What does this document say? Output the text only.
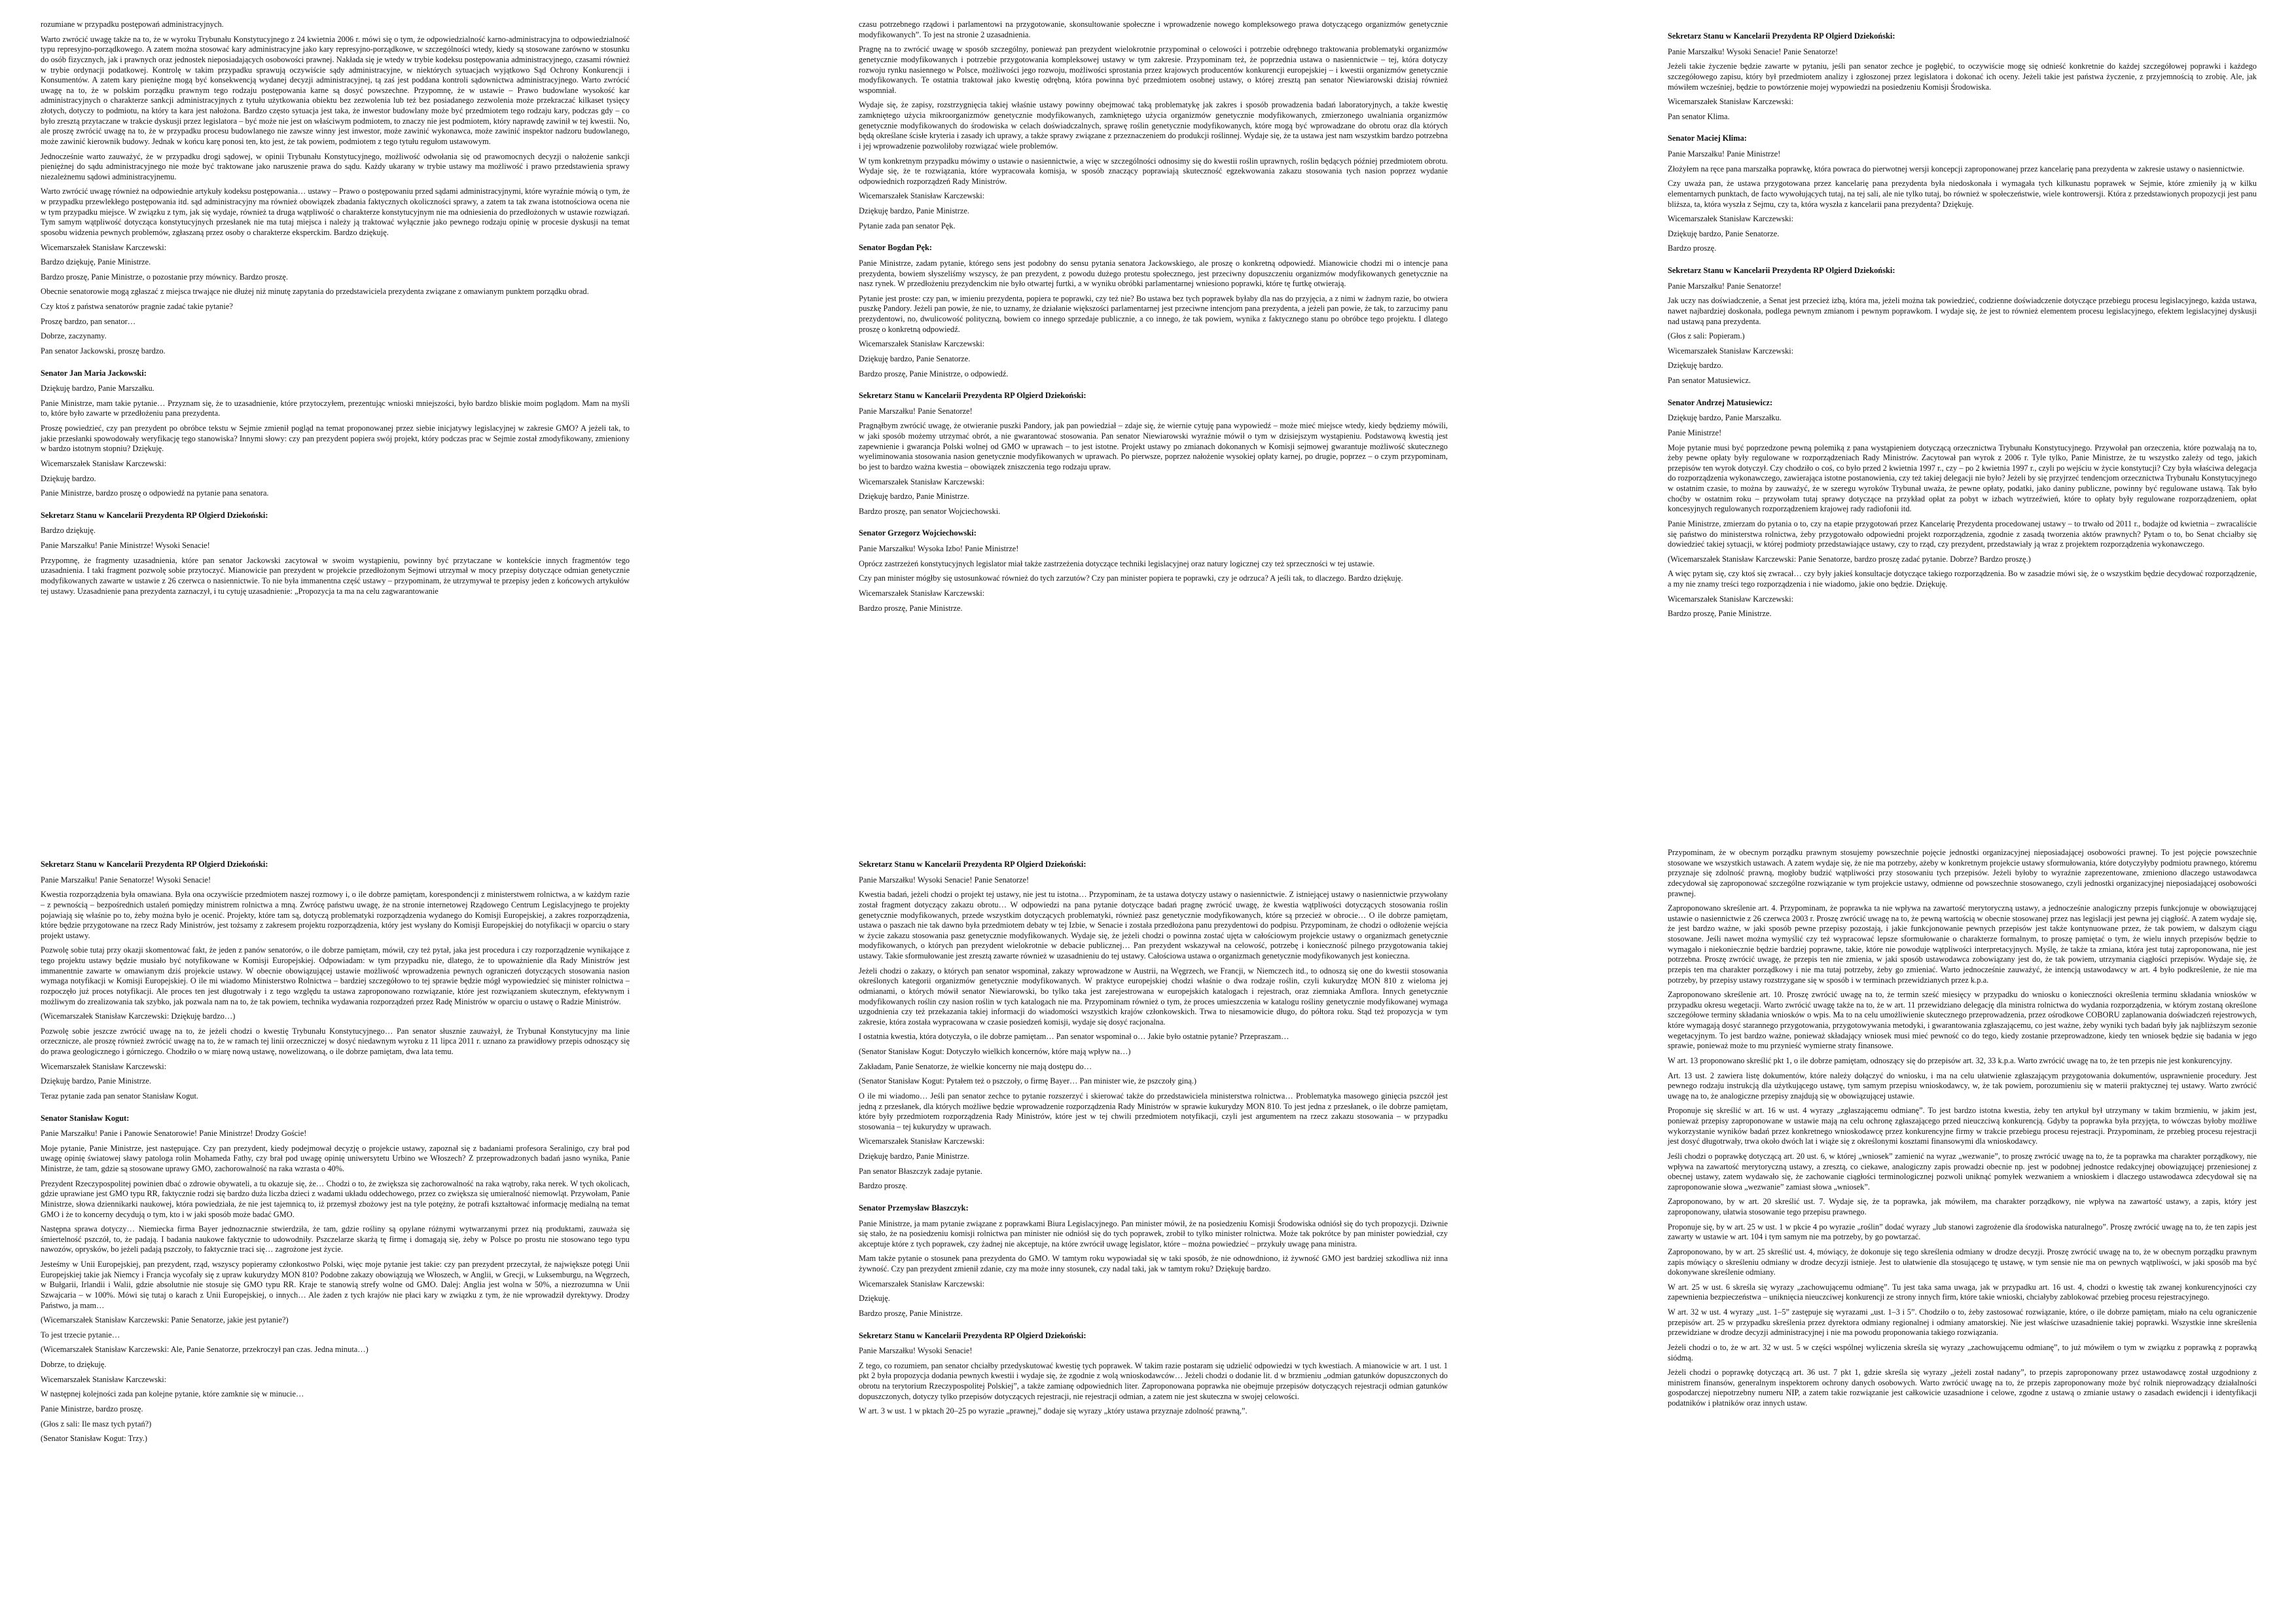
rozumiane w przypadku postępowań administracyjnych.

Warto zwrócić uwagę także na to, że w wyroku Trybunału Konstytucyjnego z 24 kwietnia 2006 r. mówi się o tym, że odpowiedzialność karno-administracyjna to odpowiedzialność typu represyjno-porządkowego. A zatem można stosować kary administracyjne jako kary represyjno-porządkowe, w szczególności wtedy, kiedy są stosowane zarówno w stosunku do osób fizycznych, jak i prawnych oraz jednostek nieposiadających osobowości prawnej. Nakłada się je wtedy w trybie kodeksu postępowania administracyjnego, czasami również w trybie ordynacji podatkowej. Kontrolę w takim przypadku sprawują oczywiście sądy administracyjne, w niektórych sytuacjach wyjątkowo Sąd Ochrony Konkurencji i Konsumentów. A zatem kary pieniężne mogą być konsekwencją wydanej decyzji administracyjnej, tą zaś jest poddana kontroli sądownictwa administracyjnego. Warto zwrócić uwagę na to, że w polskim porządku prawnym tego rodzaju postępowania karne są dosyć powszechne. Przypomnę, że w ustawie – Prawo budowlane wysokość kar administracyjnych o charakterze sankcji administracyjnych z tytułu użytkowania obiektu bez zezwolenia lub też bez posiadanego zezwolenia może przekraczać kilkaset tysięcy złotych, dotyczy to podmiotu, na który ta kara jest nałożona. Bardzo często sytuacja jest taka, że inwestor budowlany może być przedmiotem tego rodzaju kary, podczas gdy – co było zresztą przytaczane w trakcie dyskusji przez legislatora – być może nie jest on właściwym podmiotem, to znaczy nie jest podmiotem, który naprawdę zawinił w tej kwestii. No, ale proszę zwrócić uwagę na to, że w przypadku procesu budowlanego nie zawsze winny jest inwestor, może zawinić wykonawca, może zawinić inspektor nadzoru budowlanego, może zawinić kierownik budowy. Jednak w końcu karę ponosi ten, kto jest, że tak powiem, podmiotem z tego tytułu regułom ustawowym.

Jednocześnie warto zauważyć, że w przypadku drogi sądowej, w opinii Trybunału Konstytucyjnego, możliwość odwołania się od prawomocnych decyzji o nałożenie sankcji pieniężnej do sądu administracyjnego nie może być traktowane jako naruszenie prawa do sądu. Każdy ukarany w trybie ustawy ma możliwość i prawo przedstawienia sprawy niezależnemu sądowi administracyjnemu.

Warto zwrócić uwagę również na odpowiednie artykuły kodeksu postępowania… ustawy – Prawo o postępowaniu przed sądami administracyjnymi, które wyraźnie mówią o tym, że w przypadku przewlekłego postępowania itd. sąd administracyjny ma również obowiązek zbadania faktycznych okoliczności sprawy, a zatem ta tak zwana istotnościowa ocena nie w tym przypadku miejsce. W związku z tym, jak się wydaje, również ta druga wątpliwość o charakterze konstytucyjnym nie ma odniesienia do przedłożonych w ustawie rozwiązań. Tym samym wątpliwość dotycząca konstytucyjnych przesłanek nie ma tutaj miejsca i należy ją traktować wyłącznie jako pewnego rodzaju opinię w procesie dyskusji na temat sposobu widzenia pewnych problemów, zgłaszaną przez osoby o charakterze eksperckim. Bardzo dziękuję.

Wicemarszałek Stanisław Karczewski:

Bardzo dziękuję, Panie Ministrze.

Bardzo proszę, Panie Ministrze, o pozostanie przy mównicy. Bardzo proszę.

Obecnie senatorowie mogą zgłaszać z miejsca trwające nie dłużej niż minutę zapytania do przedstawiciela prezydenta związane z omawianym punktem porządku obrad.

Czy ktoś z państwa senatorów pragnie zadać takie pytanie?

Proszę bardzo, pan senator…

Dobrze, zaczynamy.

Pan senator Jackowski, proszę bardzo.

Senator Jan Maria Jackowski:

Dziękuję bardzo, Panie Marszałku.

Panie Ministrze, mam takie pytanie… Przyznam się, że to uzasadnienie, które przytoczyłem, prezentując wnioski mniejszości, było bardzo bliskie moim poglądom. Mam na myśli to, które było zawarte w przedłożeniu pana prezydenta.

Proszę powiedzieć, czy pan prezydent po obróbce tekstu w Sejmie zmienił pogląd na temat proponowanej przez siebie inicjatywy legislacyjnej w zakresie GMO? A jeżeli tak, to jakie przesłanki spowodowały weryfikację tego stanowiska? Innymi słowy: czy pan prezydent popiera swój projekt, który podczas prac w Sejmie został zmodyfikowany, zmieniony w bardzo istotnym stopniu? Dziękuję.

Wicemarszałek Stanisław Karczewski:

Dziękuję bardzo.

Panie Ministrze, bardzo proszę o odpowiedź na pytanie pana senatora.

Sekretarz Stanu w Kancelarii Prezydenta RP Olgierd Dziekoński:

Bardzo dziękuję.

Panie Marszałku! Panie Ministrze! Wysoki Senacie!

Przypomnę, że fragmenty uzasadnienia, które pan senator Jackowski zacytował w swoim wystąpieniu, powinny być przytaczane w kontekście innych fragmentów tego uzasadnienia. I taki fragment pozwolę sobie przytoczyć. Mianowicie pan prezydent w projekcie przedłożonym Sejmowi utrzymał w mocy przepisy dotyczące odmian genetycznie modyfikowanych zawarte w ustawie z 26 czerwca o nasiennictwie. To nie była immanentna część ustawy – przypominam, że utrzymywał te przepisy jeden z końcowych artykułów tej ustawy. Uzasadnienie pana prezydenta zaznaczył, i tu cytuję uzasadnienie: „Propozycja ta ma na celu zagwarantowanie

czasu potrzebnego rządowi i parlamentowi na przygotowanie, skonsultowanie społeczne i wprowadzenie nowego kompleksowego prawa dotyczącego organizmów genetycznie modyfikowanych”. To jest na stronie 2 uzasadnienia.

Pragnę na to zwrócić uwagę w sposób szczególny, ponieważ pan prezydent wielokrotnie przypominał o celowości i potrzebie odrębnego traktowania problematyki organizmów genetycznie modyfikowanych i potrzebie przygotowania kompleksowej ustawy w tym zakresie. Przypominam też, że poprzednia ustawa o nasiennictwie – tej, która dotyczy rozwoju rynku nasiennego w Polsce, możliwości jego rozwoju, możliwości sprostania przez krajowych producentów konkurencji europejskiej – i kwestii organizmów genetycznie modyfikowanych. Te ostatnia traktował jako kwestię odrębną, która powinna być przedmiotem osobnej ustawy, o której zresztą pan senator Niewiarowski dzisiaj również wspomniał.

Wydaje się, że zapisy, rozstrzygnięcia takiej właśnie ustawy powinny obejmować taką problematykę jak zakres i sposób prowadzenia badań laboratoryjnych, a także kwestię zamkniętego użycia mikroorganizmów genetycznie modyfikowanych, zamkniętego użycia organizmów genetycznie modyfikowanych, zmierzonego uwalniania organizmów genetycznie modyfikowanych do środowiska w celach doświadczalnych, sprawę roślin genetycznie modyfikowanych, które mogą być wprowadzane do obrotu oraz dla których będą określane ścisłe kryteria i zasady ich uprawy, a także sprawy związane z przeznaczeniem do produkcji roślinnej. Wydaje się, że ta ustawa jest nam wszystkim bardzo potrzebna i jej wprowadzenie pozwoliłoby rozwiązać wiele problemów.

W tym konkretnym przypadku mówimy o ustawie o nasiennictwie, a więc w szczególności odnosimy się do kwestii roślin uprawnych, roślin będących później przedmiotem obrotu. Wydaje się, że te rozwiązania, które wypracowała komisja, w sposób znaczący poprawiają skuteczność egzekwowania zakazu stosowania tych nasion poprzez wydanie odpowiednich rozporządzeń Rady Ministrów.

Wicemarszałek Stanisław Karczewski:

Dziękuję bardzo, Panie Ministrze.

Pytanie zada pan senator Pęk.

Senator Bogdan Pęk:

Panie Ministrze, zadam pytanie, którego sens jest podobny do sensu pytania senatora Jackowskiego, ale proszę o konkretną odpowiedź. Mianowicie chodzi mi o intencje pana prezydenta, bowiem słyszeliśmy wszyscy, że pan prezydent, z powodu dużego protestu społecznego, jest przeciwny dopuszczeniu organizmów modyfikowanych genetycznie na nasz rynek. W przedłożeniu prezydenckim nie było otwartej furtki, a w wyniku obróbki parlamentarnej wniesiono poprawki, które tę furtkę otwierają.

Pytanie jest proste: czy pan, w imieniu prezydenta, popiera te poprawki, czy też nie? Bo ustawa bez tych poprawek byłaby dla nas do przyjęcia, a z nimi w żadnym razie, bo otwiera puszkę Pandory. Jeżeli pan powie, że nie, to uznamy, że działanie większości parlamentarnej jest przeciwne intencjom pana prezydenta, a jeżeli pan powie, że tak, to zarzucimy panu prezydentowi, no, dwulicowość polityczną, bowiem co innego sprzedaje publicznie, a co innego, że tak powiem, wynika z faktycznego stanu po obróbce tego projektu. I dlatego proszę o konkretną odpowiedź.

Wicemarszałek Stanisław Karczewski:

Dziękuję bardzo, Panie Senatorze.

Bardzo proszę, Panie Ministrze, o odpowiedź.

Sekretarz Stanu w Kancelarii Prezydenta RP Olgierd Dziekoński:

Panie Marszałku! Panie Senatorze!

Pragnąłbym zwrócić uwagę, że otwieranie puszki Pandory, jak pan powiedział – zdaje się, że wiernie cytuję pana wypowiedź – może mieć miejsce wtedy, kiedy będziemy mówili, w jaki sposób możemy utrzymać obrót, a nie gwarantować stosowania. Pan senator Niewiarowski wyraźnie mówił o tym w dzisiejszym wystąpieniu. Podstawową kwestią jest zapewnienie i gwarancja Polski wolnej od GMO w uprawach – to jest istotne. Projekt ustawy po zmianach dokonanych w Komisji sejmowej gwarantuje możliwość skutecznego wyeliminowania stosowania nasion genetycznie modyfikowanych w uprawach. Po pierwsze, poprzez nałożenie wysokiej opłaty karnej, po drugie, poprzez – o czym przypominam, bo jest to bardzo ważna kwestia – obowiązek zniszczenia tego rodzaju upraw.

Wicemarszałek Stanisław Karczewski:

Dziękuję bardzo, Panie Ministrze.

Bardzo proszę, pan senator Wojciechowski.

Senator Grzegorz Wojciechowski:

Panie Marszałku! Wysoka Izbo! Panie Ministrze!

Oprócz zastrzeżeń konstytucyjnych legislator miał także zastrzeżenia dotyczące techniki legislacyjnej oraz natury logicznej czy też sprzeczności w tej ustawie.

Czy pan minister mógłby się ustosunkować również do tych zarzutów? Czy pan minister popiera te poprawki, czy je odrzuca? A jeśli tak, to dlaczego. Bardzo dziękuję.

Wicemarszałek Stanisław Karczewski:

Bardzo proszę, Panie Ministrze.

Sekretarz Stanu w Kancelarii Prezydenta RP Olgierd Dziekoński:

Panie Marszałku! Wysoki Senacie! Panie Senatorze!

Jeżeli takie życzenie będzie zawarte w pytaniu, jeśli pan senator zechce je pogłębić, to oczywiście mogę się odnieść konkretnie do każdej szczegółowej poprawki i każdego szczegółowego zapisu, który był przedmiotem analizy i zgłoszonej przez legislatora i dokonać ich oceny. Jeżeli takie jest państwa życzenie, z przyjemnością to zrobię. Ale, jak mówiłem wcześniej, będzie to powtórzenie mojej wypowiedzi na posiedzeniu Komisji Środowiska.

Wicemarszałek Stanisław Karczewski:

Pan senator Klima.

Senator Maciej Klima:

Panie Marszałku! Panie Ministrze!

Złożyłem na ręce pana marszałka poprawkę, która powraca do pierwotnej wersji koncepcji zaproponowanej przez kancelarię pana prezydenta w zakresie ustawy o nasiennictwie.

Czy uważa pan, że ustawa przygotowana przez kancelarię pana prezydenta była niedoskonała i wymagała tych kilkunastu poprawek w Sejmie, które zmieniły ją w kilku elementarnych punktach, de facto wywołujących tutaj, na tej sali, ale nie tylko tutaj, bo również w społeczeństwie, wiele kontrowersji. Która z przedstawionych propozycji jest panu bliższa, ta, która wyszła z Sejmu, czy ta, która wyszła z kancelarii pana prezydenta? Dziękuję.

Wicemarszałek Stanisław Karczewski:

Dziękuję bardzo, Panie Senatorze.

Bardzo proszę.

Sekretarz Stanu w Kancelarii Prezydenta RP Olgierd Dziekoński:

Panie Marszałku! Panie Senatorze!

Jak uczy nas doświadczenie, a Senat jest przecież izbą, która ma, jeżeli można tak powiedzieć, codzienne doświadczenie dotyczące przebiegu procesu legislacyjnego, każda ustawa, nawet najbardziej doskonała, podlega pewnym zmianom i pewnym poprawkom. I wydaje się, że jest to również elementem procesu legislacyjnego, efektem legislacyjnej dyskusji nad ustawą pana prezydenta.

(Głos z sali: Popieram.)

Wicemarszałek Stanisław Karczewski:

Dziękuję bardzo.

Pan senator Matusiewicz.

Senator Andrzej Matusiewicz:

Dziękuję bardzo, Panie Marszałku.

Panie Ministrze!

Moje pytanie musi być poprzedzone pewną polemiką z pana wystąpieniem dotyczącą orzecznictwa Trybunału Konstytucyjnego. Przywołał pan orzeczenia, które pozwalają na to, żeby pewne opłaty były regulowane w rozporządzeniach Rady Ministrów. Zacytował pan wyrok z 2006 r. Tyle tylko, Panie Ministrze, że tu wszystko zależy od tego, jakich przepisów ten wyrok dotyczył. Czy chodziło o coś, co było przed 2 kwietnia 1997 r., czy – po 2 kwietnia 1997 r., czyli po wejściu w życie konstytucji? Czy była właściwa delegacja do rozporządzenia wykonawczego, zawierająca istotne postanowienia, czy też takiej delegacji nie było? Jeżeli by się przyjrzeć tendencjom orzecznictwa Trybunału Konstytucyjnego w ostatnim czasie, to można by zauważyć, że w szeregu wyroków Trybunał uważa, że pewne opłaty, podatki, jako daniny publiczne, powinny być regulowane ustawą. Tak było choćby w ostatnim roku – przywołam tutaj sprawy dotyczące na przykład opłat za pobyt w izbach wytrzeźwień, które to opłaty były regulowane rozporządzeniem, opłat koncesyjnych regulowanych rozporządzeniem krajowej rady radiofonii itd.

Panie Ministrze, zmierzam do pytania o to, czy na etapie przygotowań przez Kancelarię Prezydenta procedowanej ustawy – to trwało od 2011 r., bodajże od kwietnia – zwracaliście się państwo do ministerstwa rolnictwa, żeby przygotowało odpowiedni projekt rozporządzenia, zgodnie z zasadą tworzenia aktów prawnych? Pytam o to, bo Senat chciałby się dowiedzieć takiej sytuacji, w której podmioty przedstawiające ustawy, czy to rząd, czy prezydent, przedstawiały ją wraz z projektem rozporządzenia wykonawczego.

(Wicemarszałek Stanisław Karczewski: Panie Senatorze, bardzo proszę zadać pytanie. Dobrze? Bardzo proszę.)

A więc pytam się, czy ktoś się zwracał… czy były jakieś konsultacje dotyczące takiego rozporządzenia. Bo w zasadzie mówi się, że o wszystkim będzie decydować rozporządzenie, a my nie znamy treści tego rozporządzenia i nie wiadomo, jakie ono będzie. Dziękuję.

Wicemarszałek Stanisław Karczewski:

Bardzo proszę, Panie Ministrze.

Sekretarz Stanu w Kancelarii Prezydenta RP Olgierd Dziekoński:

Panie Marszałku! Panie Senatorze! Wysoki Senacie!

Kwestia rozporządzenia była omawiana. Była ona oczywiście przedmiotem naszej rozmowy i, o ile dobrze pamiętam, korespondencji z ministerstwem rolnictwa, a w każdym razie – z pewnością – bezpośrednich ustaleń pomiędzy ministrem rolnictwa a mną. Zwrócę państwu uwagę, że na stronie internetowej Rządowego Centrum Legislacyjnego te projekty pojawiają się właśnie po to, żeby można było je ocenić. Projekty, które tam są, dotyczą problematyki rozporządzenia wydanego do Komisji Europejskiej, a zakres rozporządzenia, które będzie przygotowane na rzecz Rady Ministrów, jest tożsamy z zakresem projektu rozporządzenia, który jest wysłany do Komisji Europejskiej do notyfikacji w oparciu o stary projekt ustawy.

Pozwolę sobie tutaj przy okazji skomentować fakt, że jeden z panów senatorów, o ile dobrze pamiętam, mówił, czy też pytał, jaka jest procedura i czy rozporządzenie wynikające z tego projektu ustawy będzie musiało być notyfikowane w Komisji Europejskiej. Odpowiadam: w tym przypadku nie, dlatego, że to upoważnienie dla Rady Ministrów jest immanentnie zawarte w omawianym dziś projekcie ustawy. W obecnie obowiązującej ustawie możliwość wprowadzenia pewnych ograniczeń dotyczących stosowania nasion wymaga notyfikacji w Komisji Europejskiej. O ile mi wiadomo Ministerstwo Rolnictwa – bardziej szczegółowo to tej sprawie będzie mógł wypowiedzieć się minister rolnictwa – rozpoczęło już proces notyfikacji. Ale proces ten jest długotrwały i z tego względu ta ustawa zaproponowano rozwiązanie, które jest rozwiązaniem skutecznym, efektywnym i możliwym do zrealizowania tak szybko, jak pozwala nam na to, że tak powiem, technika wydawania rozporządzeń przez Radę Ministrów w oparciu o ustawę o Radzie Ministrów.

(Wicemarszałek Stanisław Karczewski: Dziękuję bardzo…)

Pozwolę sobie jeszcze zwrócić uwagę na to, że jeżeli chodzi o kwestię Trybunału Konstytucyjnego… Pan senator słusznie zauważył, że Trybunał Konstytucyjny ma linie orzecznicze, ale proszę również zwrócić uwagę na to, że w ramach tej linii orzeczniczej w dosyć niedawnym wyroku z 11 lipca 2011 r. uznano za prawidłowy przepis odnoszący się do prawa geologicznego i górniczego. Chodziło o w miarę nową ustawę, nowelizowaną, o ile dobrze pamiętam, dwa lata temu.

Wicemarszałek Stanisław Karczewski:

Dziękuję bardzo, Panie Ministrze.

Teraz pytanie zada pan senator Stanisław Kogut.

Senator Stanisław Kogut:

Panie Marszałku! Panie i Panowie Senatorowie! Panie Ministrze! Drodzy Goście!

Moje pytanie, Panie Ministrze, jest następujące. Czy pan prezydent, kiedy podejmował decyzję o projekcie ustawy, zapoznał się z badaniami profesora Seralinigo, czy brał pod uwagę opinię światowej sławy patologa rolin Mohameda Fathy, czy brał pod uwagę opinię uniwersytetu Urbino we Włoszech? Z przeprowadzonych badań jasno wynika, Panie Ministrze, że tam, gdzie są stosowane uprawy GMO, zachorowalność na raka wzrasta o 40%.

Prezydent Rzeczypospolitej powinien dbać o zdrowie obywateli, a tu okazuje się, że… Chodzi o to, że zwiększa się zachorowalność na raka wątroby, raka nerek. W tych okolicach, gdzie uprawiane jest GMO typu RR, faktycznie rodzi się bardzo duża liczba dzieci z wadami układu oddechowego, przez co zwiększa się umieralność niemowląt. Przywołam, Panie Ministrze, słowa dziennikarki naukowej, która powiedziała, że nie jest tajemnicą to, iż przemysł zbożowy jest na tyle potężny, że potrafi kształtować informację medialną na temat GMO i że to koncerny decydują o tym, kto i w jaki sposób może badać GMO.

Następna sprawa dotyczy… Niemiecka firma Bayer jednoznacznie stwierdziła, że tam, gdzie rośliny są opylane różnymi wytwarzanymi przez nią produktami, zauważa się śmiertelność pszczół, to, że padają. I badania naukowe faktycznie to udowodniły. Pszczelarze skarżą tę firmę i domagają się, żeby w Polsce po prostu nie stosowano tego typu nawozów, oprysków, bo jeżeli padają pszczoły, to faktycznie traci się… zagrożone jest życie.

Jesteśmy w Unii Europejskiej, pan prezydent, rząd, wszyscy popieramy członkostwo Polski, więc moje pytanie jest takie: czy pan prezydent przeczytał, że największe potęgi Unii Europejskiej takie jak Niemcy i Francja wycofały się z upraw kukurydzy MON 810? Podobne zakazy obowiązują we Włoszech, w Anglii, w Grecji, w Luksemburgu, na Węgrzech, w Bułgarii, Irlandii i Walii, gdzie absolutnie nie stosuje się GMO typu RR. Kraje te stanowią strefy wolne od GMO. Dalej: Anglia jest wolna w 50%, a niezrozumna w Unii Szwajcaria – w 100%. Mówi się tutaj o karach z Unii Europejskiej, o innych… Ale żaden z tych krajów nie płaci kary w związku z tym, że nie wprowadził dyrektywy. Drodzy Państwo, ja mam…

(Wicemarszałek Stanisław Karczewski: Panie Senatorze, jakie jest pytanie?)

To jest trzecie pytanie…

(Wicemarszałek Stanisław Karczewski: Ale, Panie Senatorze, przekroczył pan czas. Jedna minuta…)

Dobrze, to dziękuję.

Wicemarszałek Stanisław Karczewski:

W następnej kolejności zada pan kolejne pytanie, które zamknie się w minucie…

Panie Ministrze, bardzo proszę.

(Głos z sali: Ile masz tych pytań?)

(Senator Stanisław Kogut: Trzy.)

Sekretarz Stanu w Kancelarii Prezydenta RP Olgierd Dziekoński:

Panie Marszałku! Wysoki Senacie! Panie Senatorze!

Kwestia badań, jeżeli chodzi o projekt tej ustawy, nie jest tu istotna… Przypominam, że ta ustawa dotyczy ustawy o nasiennictwie. Z istniejącej ustawy o nasiennictwie przywołany został fragment dotyczący zakazu obrotu… W odpowiedzi na pana pytanie dotyczące badań pragnę zwrócić uwagę, że kwestia wątpliwości dotyczących stosowania roślin genetycznie modyfikowanych, przede wszystkim dotyczących problematyki, również pasz genetycznie modyfikowanych, które są przecież w obrocie… O ile dobrze pamiętam, ustawa o paszach nie tak dawno była przedmiotem debaty w tej Izbie, w Senacie i została przedłożona panu prezydentowi do podpisu. Przypominam, że chodzi o odłożenie wejścia w życie zakazu stosowania pasz genetycznie modyfikowanych. Wydaje się, że jeżeli chodzi o powinna zostać ujęta w całościowym projekcie ustawy o organizmach genetycznie modyfikowanych, o których pan prezydent wielokrotnie w debacie publicznej… Pan prezydent wskazywał na celowość, potrzebę i konieczność pilnego przygotowania takiej ustawy. Takie sformułowanie jest zresztą zawarte również w uzasadnieniu do tej ustawy. Całościowa ustawa o organizmach genetycznie modyfikowanych jest konieczna.

Jeżeli chodzi o zakazy, o których pan senator wspominał, zakazy wprowadzone w Austrii, na Węgrzech, we Francji, w Niemczech itd., to odnoszą się one do kwestii stosowania określonych kategorii organizmów genetycznie modyfikowanych. W praktyce europejskiej chodzi właśnie o dwa rodzaje roślin, czyli kukurydzę MON 810 z wieloma jej odmianami, o których mówił senator Niewiarowski, bo tylko taka jest zarejestrowana w europejskich katalogach i rejestrach, oraz ziemniaka Amflora. Innych genetycznie modyfikowanych roślin czy nasion roślin w tych katalogach nie ma. Przypominam również o tym, że proces umieszczenia w katalogu rośliny genetycznie modyfikowanej wymaga uzgodnienia czy też przekazania takiej informacji do wiadomości wszystkich krajów członkowskich. Trwa to niesamowicie długo, do półtora roku. Stąd też propozycja w tym zakresie, która została wypracowana w czasie posiedzeń komisji, wydaje się dosyć racjonalna.

I ostatnia kwestia, która dotyczyła, o ile dobrze pamiętam… Pan senator wspominał o… Jakie było ostatnie pytanie? Przepraszam…

(Senator Stanisław Kogut: Dotyczyło wielkich koncernów, które mają wpływ na…)

Zakładam, Panie Senatorze, że wielkie koncerny nie mają dostępu do…

(Senator Stanisław Kogut: Pytałem też o pszczoły, o firmę Bayer… Pan minister wie, że pszczoły giną.)

O ile mi wiadomo… Jeśli pan senator zechce to pytanie rozszerzyć i skierować także do przedstawiciela ministerstwa rolnictwa… Problematyka masowego ginięcia pszczół jest jedną z przesłanek, dla których możliwe będzie wprowadzenie rozporządzenia Rady Ministrów w sprawie kukurydzy MON 810. To jest jedna z przesłanek, o ile dobrze pamiętam, które były przedmiotem rozporządzenia Rady Ministrów, które jest w tej chwili przedmiotem notyfikacji, czyli jest argumentem na rzecz zakazu stosowania – w przypadku stosowania – tej kukurydzy w uprawach.

Wicemarszałek Stanisław Karczewski:

Dziękuję bardzo, Panie Ministrze.

Pan senator Błaszczyk zadaje pytanie.

Bardzo proszę.

Senator Przemysław Błaszczyk:

Panie Ministrze, ja mam pytanie związane z poprawkami Biura Legislacyjnego. Pan minister mówił, że na posiedzeniu Komisji Środowiska odniósł się do tych propozycji. Dziwnie się stało, że na posiedzeniu komisji rolnictwa pan minister nie odniósł się do tych poprawek, zrobił to tylko minister rolnictwa. Może tak pokrótce by pan minister powiedział, czy akceptuje które z tych poprawek, czy żadnej nie akceptuje, na które zwrócił uwagę legislator, które – można powiedzieć – przykuły uwagę pana ministra.

Mam także pytanie o stosunek pana prezydenta do GMO. W tamtym roku wypowiadał się w taki sposób, że nie odnowdniono, iż żywność GMO jest bardziej szkodliwa niż inna żywność. Czy pan prezydent zmienił zdanie, czy ma może inny stosunek, czy nadal taki, jak w tamtym roku? Dziękuję bardzo.

Wicemarszałek Stanisław Karczewski:

Dziękuję.

Bardzo proszę, Panie Ministrze.

Sekretarz Stanu w Kancelarii Prezydenta RP Olgierd Dziekoński:

Panie Marszałku! Wysoki Senacie!

Z tego, co rozumiem, pan senator chciałby przedyskutować kwestię tych poprawek. W takim razie postaram się udzielić odpowiedzi w tych kwestiach. A mianowicie w art. 1 ust. 1 pkt 2 była propozycja dodania pewnych kwestii i wydaje się, że zgodnie z wolą wnioskodawców… Jeżeli chodzi o dodanie lit. d w brzmieniu „odmian gatunków dopuszczonych do obrotu na terytorium Rzeczypospolitej Polskiej”, a także zamianę odpowiednich liter. Zaproponowana poprawka nie obejmuje przepisów dotyczących rejestracji odmian gatunków dopuszczonych, dotyczy tylko przepisów dotyczących rejestracji, nie rejestracji odmian, a zatem nie jest skuteczna w swojej celowości.

W art. 3 w ust. 1 w pktach 20–25 po wyrazie „prawnej,” dodaje się wyrazy „który ustawa przyznaje zdolność prawną,”.

Przypominam, że w obecnym porządku prawnym stosujemy powszechnie pojęcie jednostki organizacyjnej nieposiadającej osobowości prawnej. To jest pojęcie powszechnie stosowane we wszystkich ustawach. A zatem wydaje się, że nie ma potrzeby, ażeby w konkretnym projekcie ustawy sformułowania, które dotyczyłyby podmiotu prawnego, któremu przyznaje się zdolność prawną, mogłoby budzić wątpliwości przy stosowaniu tych przepisów. Jeżeli byłoby to wyraźnie zaprezentowane, zmieniono dlaczego ustawodawca zdecydował się zaproponować szczególne rozwiązanie w tym projekcie ustawy, odmienne od powszechnie stosowanego, czyli jednostki organizacyjnej nieposiadającej osobowości prawnej.

Zaproponowano skreślenie art. 4. Przypominam, że poprawka ta nie wpływa na zawartość merytoryczną ustawy, a jednocześnie analogiczny przepis funkcjonuje w obowiązującej ustawie o nasiennictwie z 26 czerwca 2003 r. Proszę zwrócić uwagę na to, że pewną wartością w obecnie stosowanej przez nas legislacji jest pewna jej ciągłość. A zatem wydaje się, że jest bardzo ważne, w jaki sposób pewne przepisy pozostają, i jakie funkcjonowanie pewnych przepisów jest także kontynuowane przez, że tak powiem, w dalszym ciągu stosowane. Jeśli nawet można wymyślić czy też wypracować lepsze sformułowanie o charakterze formalnym, to proszę pamiętać o tym, że wielu innych przepisów będzie to wymagało i niekoniecznie będzie bardziej poprawne, takie, które nie powoduje wątpliwości interpretacyjnych. Myślę, że także ta zmiana, która jest tutaj zaproponowana, nie jest potrzebna. Proszę zwrócić uwagę, że przepis ten nie zmienia, w jaki sposób ustawodawca zobowiązany jest do, że tak powiem, utrzymania ciągłości przepisów. Wydaje się, że przepis ten ma charakter porządkowy i nie ma tutaj potrzeby, żeby go zmieniać. Warto jednocześnie zauważyć, że intencją ustawodawcy w art. 4 było podkreślenie, że nie ma potrzeby, by przepisy ustawy rozstrzygane się w sposób i w terminach przewidzianych przez k.p.a.

Zaproponowano skreślenie art. 10. Proszę zwrócić uwagę na to, że termin sześć miesięcy w przypadku do wniosku o konieczności określenia terminu składania wniosków w przypadku okresu wegetacji. Warto zwrócić uwagę także na to, że w art. 11 przewidziano delegację dla ministra rolnictwa do wydania rozporządzenia, w którym zostaną określone szczegółowe terminy składania wniosków o wpis. Ma to na celu umożliwienie skutecznego przeprowadzenia, przez ośrodkowe COBORU zaplanowania doświadczeń rejestrowych, które wymagają dosyć starannego przygotowania, przygotowywania metodyki, i gwarantowania zgłaszającemu, co jest ważne, żeby wyniki tych badań były jak najbliższym sezonie wegetacyjnym. To jest bardzo ważne, ponieważ składający wniosek musi mieć pewność co do tego, kiedy zostanie przeprowadzone, kiedy ten wniosek będzie się badania w jego sprawie, ponieważ może to mu przynieść wymierne straty finansowe.

W art. 13 proponowano skreślić pkt 1, o ile dobrze pamiętam, odnoszący się do przepisów art. 32, 33 k.p.a. Warto zwrócić uwagę na to, że ten przepis nie jest konkurencyjny.

Art. 13 ust. 2 zawiera listę dokumentów, które należy dołączyć do wniosku, i ma na celu ułatwienie zgłaszającym przygotowania dokumentów, usprawnienie procedury. Jest pewnego rodzaju instrukcją dla użytkującego ustawę, tym samym przepisu wnioskodawcy, w, że tak powiem, porozumieniu się w materii praktycznej tej ustawy. Warto zwrócić uwagę na to, że analogiczne przepisy znajdują się w obowiązującej ustawie.

Proponuje się skreślić w art. 16 w ust. 4 wyrazy „zgłaszającemu odmianę”. To jest bardzo istotna kwestia, żeby ten artykuł był utrzymany w takim brzmieniu, w jakim jest, ponieważ przepisy zaproponowane w ustawie mają na celu ochronę zgłaszającego przed nieuczciwą konkurencją. Gdyby ta poprawka była przyjęta, to wówczas byłoby możliwe wykorzystanie wyników badań przez konkretnego wnioskodawcę przez konkurencyjne firmy w trakcie przebiegu procesu rejestracji. Przypominam, że przebieg procesu rejestracji jest dosyć długotrwały, trwa około dwóch lat i wiąże się z określonymi kosztami finansowymi dla wnioskodawcy.

Jeśli chodzi o poprawkę dotyczącą art. 20 ust. 6, w której „wniosek” zamienić na wyraz „wezwanie”, to proszę zwrócić uwagę na to, że ta poprawka ma charakter porządkowy, nie wpływa na zawartość merytoryczną ustawy, a zresztą, co ciekawe, analogiczny zapis prowadzi obecnie np. jest w podobnej jednostce redakcyjnej obowiązującej przeniesionej z obecnej ustawy, zatem wydawało się, że zachowanie ciągłości terminologicznej pozwoli uniknąć pomyłek wezwaniem a wnioskiem i dlaczego ustawodawca zdecydował się na zaproponowanie słowa „wezwanie” zamiast słowa „wniosek”.

Zaproponowano, by w art. 20 skreślić ust. 7. Wydaje się, że ta poprawka, jak mówiłem, ma charakter porządkowy, nie wpływa na zawartość ustawy, a zapis, który jest zaproponowany, ułatwia stosowanie tego przepisu prawnego.

Proponuje się, by w art. 25 w ust. 1 w pkcie 4 po wyrazie „roślin” dodać wyrazy „lub stanowi zagrożenie dla środowiska naturalnego”. Proszę zwrócić uwagę na to, że ten zapis jest zawarty w ustawie w art. 104 i tym samym nie ma potrzeby, by go powtarzać.

Zaproponowano, by w art. 25 skreślić ust. 4, mówiący, że dokonuje się tego skreślenia odmiany w drodze decyzji. Proszę zwrócić uwagę na to, że w obecnym porządku prawnym zapis mówiący o skreśleniu odmiany w drodze decyzji istnieje. Jest to ułatwienie dla stosującego tę ustawę, w tym sensie nie ma on pewnych wątpliwości, w jaki sposób ma być dokonywane skreślenie odmiany.

W art. 25 w ust. 6 skreśla się wyrazy „zachowującemu odmianę”. Tu jest taka sama uwaga, jak w przypadku art. 16 ust. 4, chodzi o kwestię tak zwanej konkurencyjności czy zapewnienia bezpieczeństwa – uniknięcia nieuczciwej konkurencji ze strony innych firm, które takie wnioski, chciałyby zablokować przebieg procesu rejestracyjnego.

W art. 32 w ust. 4 wyrazy „ust. 1–5” zastępuje się wyrazami „ust. 1–3 i 5”. Chodziło o to, żeby zastosować rozwiązanie, które, o ile dobrze pamiętam, miało na celu ograniczenie przepisów art. 25 w przypadku skreślenia przez dyrektora odmiany regionalnej i odmiany amatorskiej. Nie jest właściwe uzasadnienie takiej poprawki. Wszystkie inne skreślenia przewidziane w drodze decyzji administracyjnej i nie ma powodu proponowania takiego rozwiązania.

Jeżeli chodzi o to, że w art. 32 w ust. 5 w części wspólnej wyliczenia skreśla się wyrazy „zachowującemu odmianę”, to już mówiłem o tym w związku z poprawką z poprawką siódmą.

Jeżeli chodzi o poprawkę dotyczącą art. 36 ust. 7 pkt 1, gdzie skreśla się wyrazy „jeżeli został nadany”, to przepis zaproponowany przez ustawodawcę został uzgodniony z ministrem finansów, generalnym inspektorem ochrony danych osobowych. Warto zwrócić uwagę na to, że przepis zaproponowany może być rolnik nieprowadzący działalności gospodarczej niepotrzebny numeru NIP, a zatem takie rozwiązanie jest całkowicie uzasadnione i celowe, zgodne z ustawą o zmianie ustawy o zasadach ewidencji i identyfikacji podatników i płatników oraz innych ustaw.
